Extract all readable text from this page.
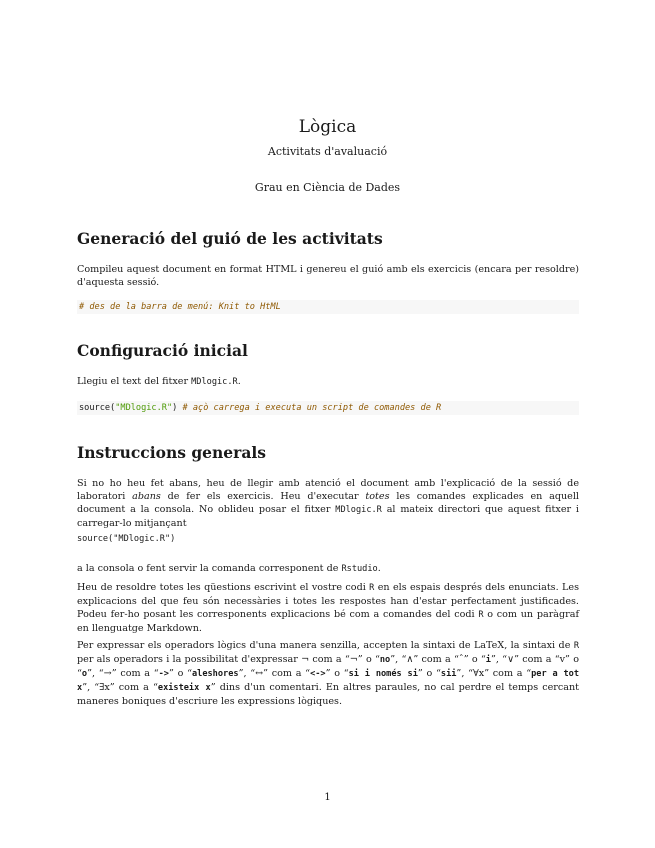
Lògica
Activitats d'avaluació
Grau en Ciència de Dades
Generació del guió de les activitats

Compileu aquest document en format HTML i genereu el guió amb els exercicis (encara per resoldre) d'aquesta sessió.

# des de la barra de menú: Knit to HtML
Configuració inicial

Llegiu el text del fitxer MDlogic.R.

source("MDlogic.R") # açò carrega i executa un script de comandes de R
Instruccions generals

Si no ho heu fet abans, heu de llegir amb atenció el document amb l'explicació de la sessió de laboratori abans de fer els exercicis. Heu d'executar totes les comandes explicades en aquell document a la consola. No oblideu posar el fitxer MDlogic.R al mateix directori que aquest fitxer i carregar-lo mitjançant

source("MDlogic.R")

a la consola o fent servir la comanda corresponent de Rstudio.

Heu de resoldre totes les qüestions escrivint el vostre codi R en els espais després dels enunciats. Les explicacions del que feu són necessàries i totes les respostes han d'estar perfectament justificades. Podeu fer-ho posant les corresponents explicacions bé com a comandes del codi R o com un paràgraf en llenguatge Markdown.

Per expressar els operadors lògics d'una manera senzilla, accepten la sintaxi de LaTeX, la sintaxi de R per als operadors i la possibilitat d'expressar ¬ com a “¬” o “no”, “∧” com a “ˆ” o “i”, “∨” com a “v” o “o”, “→” com a “->” o “aleshores”, “↔” com a “<->” o “si i només si” o “sii”, “∀x” com a “per a tot x”, “∃x” com a “existeix x” dins d'un comentari. En altres paraules, no cal perdre el temps cercant maneres boniques d'escriure les expressions lògiques.

1
